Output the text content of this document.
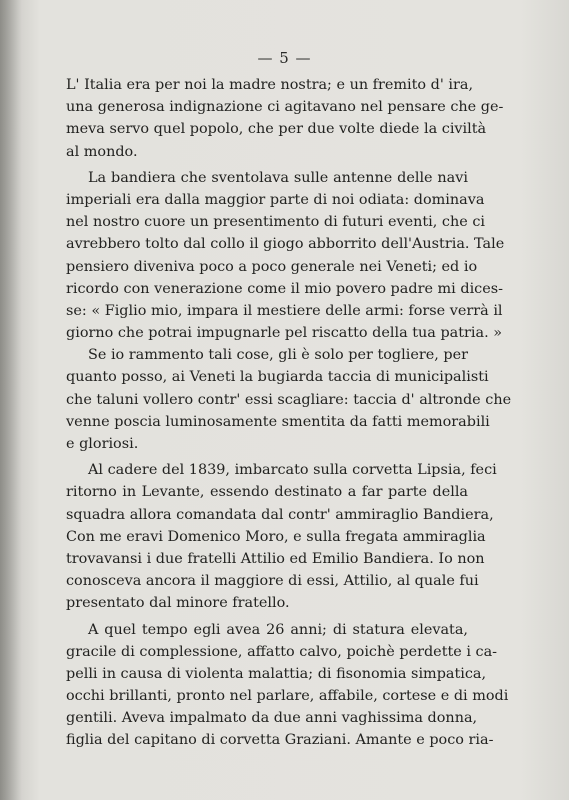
— 5 —
L' Italia era per noi la madre nostra; e un fremito d' ira,
una generosa indignazione ci agitavano nel pensare che ge-
meva servo quel popolo, che per due volte diede la civiltà
al mondo.
La bandiera che sventolava sulle antenne delle navi
imperiali era dalla maggior parte di noi odiata: dominava
nel nostro cuore un presentimento di futuri eventi, che ci
avrebbero tolto dal collo il giogo abborrito dell'Austria. Tale
pensiero diveniva poco a poco generale nei Veneti; ed io
ricordo con venerazione come il mio povero padre mi dices-
se: « Figlio mio, impara il mestiere delle armi: forse verrà il
giorno che potrai impugnarle pel riscatto della tua patria. »
Se io rammento tali cose, gli è solo per togliere, per
quanto posso, ai Veneti la bugiarda taccia di municipalisti
che taluni vollero contr' essi scagliare: taccia d' altronde che
venne poscia luminosamente smentita da fatti memorabili
e gloriosi.
Al cadere del 1839, imbarcato sulla corvetta Lipsia, feci
ritorno in Levante, essendo destinato a far parte della
squadra allora comandata dal contr' ammiraglio Bandiera,
Con me eravi Domenico Moro, e sulla fregata ammiraglia
trovavansi i due fratelli Attilio ed Emilio Bandiera. Io non
conosceva ancora il maggiore di essi, Attilio, al quale fui
presentato dal minore fratello.
A quel tempo egli avea 26 anni; di statura elevata,
gracile di complessione, affatto calvo, poichè perdette i ca-
pelli in causa di violenta malattia; di fisonomia simpatica,
occhi brillanti, pronto nel parlare, affabile, cortese e di modi
gentili. Aveva impalmato da due anni vaghissima donna,
figlia del capitano di corvetta Graziani. Amante e poco ria-
